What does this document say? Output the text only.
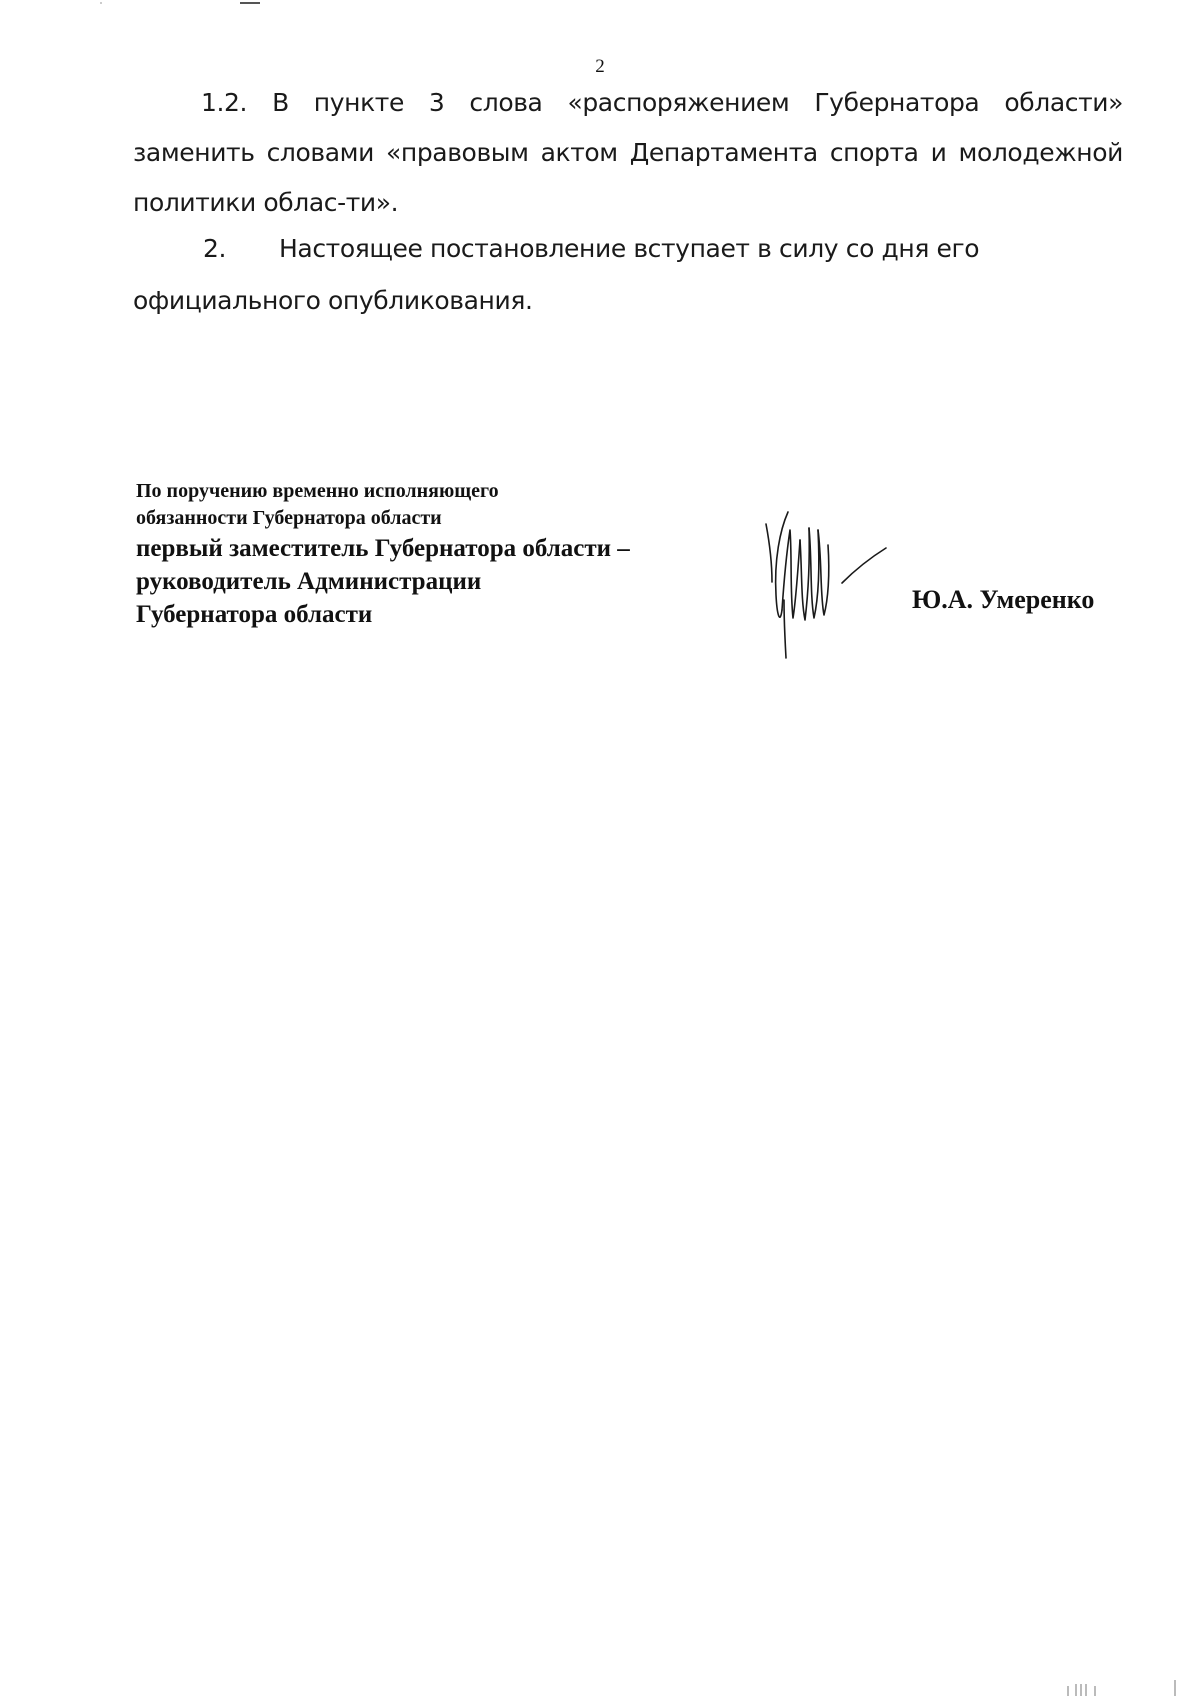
2

1.2. В пункте 3 слова «распоряжением Губернатора области» заменить словами «правовым актом Департамента спорта и молодежной политики облас-ти».

2. Настоящее постановление вступает в силу со дня его официального опубликования.

По поручению временно исполняющего
обязанности Губернатора области
первый заместитель Губернатора области –
руководитель Администрации
Губернатора области
Ю.А. Умеренко
